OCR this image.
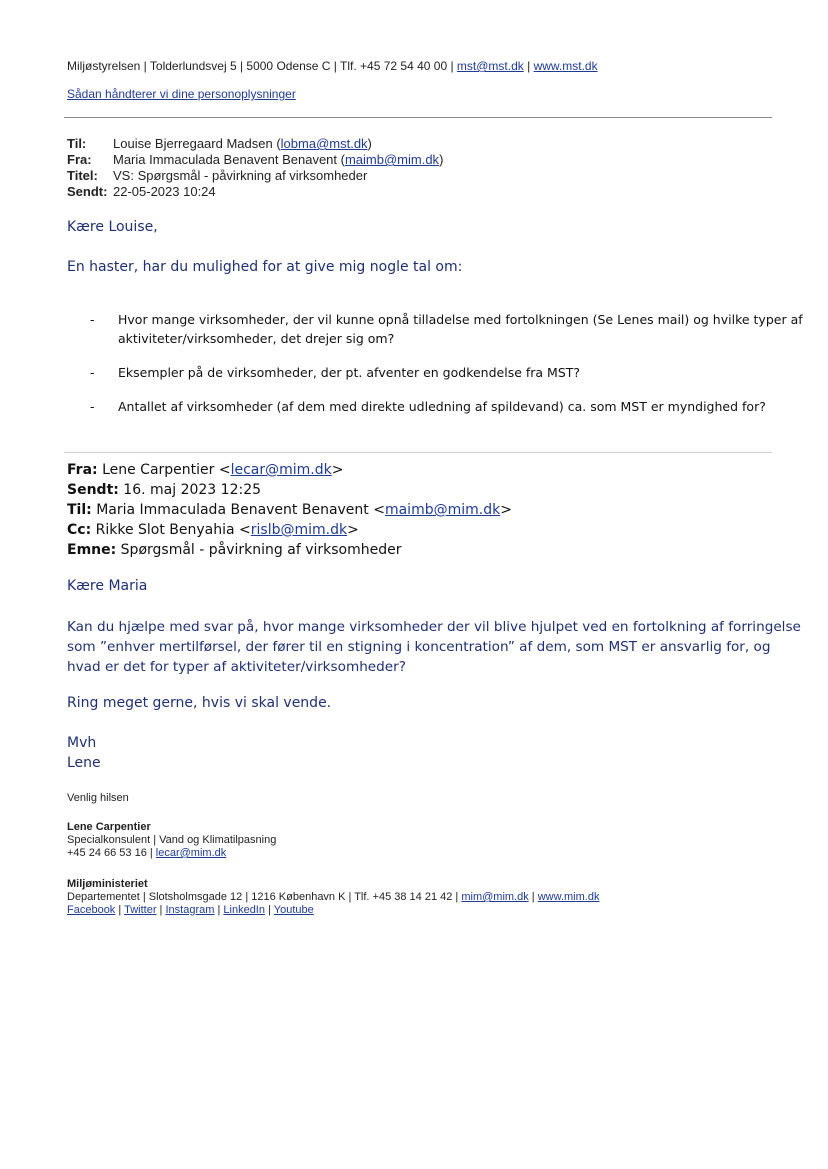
Miljøstyrelsen | Tolderlundsvej 5 | 5000 Odense C | Tlf. +45 72 54 40 00 | mst@mst.dk | www.mst.dk
Sådan håndterer vi dine personoplysninger
Til: Louise Bjerregaard Madsen (lobma@mst.dk)
Fra: Maria Immaculada Benavent Benavent (maimb@mim.dk)
Titel: VS: Spørgsmål - påvirkning af virksomheder
Sendt: 22-05-2023 10:24
Kære Louise,
En haster, har du mulighed for at give mig nogle tal om:
- Hvor mange virksomheder, der vil kunne opnå tilladelse med fortolkningen (Se Lenes mail) og hvilke typer af
aktiviteter/virksomheder, det drejer sig om?
- Eksempler på de virksomheder, der pt. afventer en godkendelse fra MST?
- Antallet af virksomheder (af dem med direkte udledning af spildevand) ca. som MST er myndighed for?
Fra: Lene Carpentier <lecar@mim.dk>
Sendt: 16. maj 2023 12:25
Til: Maria Immaculada Benavent Benavent <maimb@mim.dk>
Cc: Rikke Slot Benyahia <rislb@mim.dk>
Emne: Spørgsmål - påvirkning af virksomheder
Kære Maria
Kan du hjælpe med svar på, hvor mange virksomheder der vil blive hjulpet ved en fortolkning af forringelse
som ”enhver mertilførsel, der fører til en stigning i koncentration” af dem, som MST er ansvarlig for, og
hvad er det for typer af aktiviteter/virksomheder?
Ring meget gerne, hvis vi skal vende.
Mvh
Lene
Venlig hilsen
Lene Carpentier
Specialkonsulent | Vand og Klimatilpasning
+45 24 66 53 16 | lecar@mim.dk
Miljøministeriet
Departementet | Slotsholmsgade 12 | 1216 København K | Tlf. +45 38 14 21 42 | mim@mim.dk | www.mim.dk
Facebook | Twitter | Instagram | LinkedIn | Youtube
